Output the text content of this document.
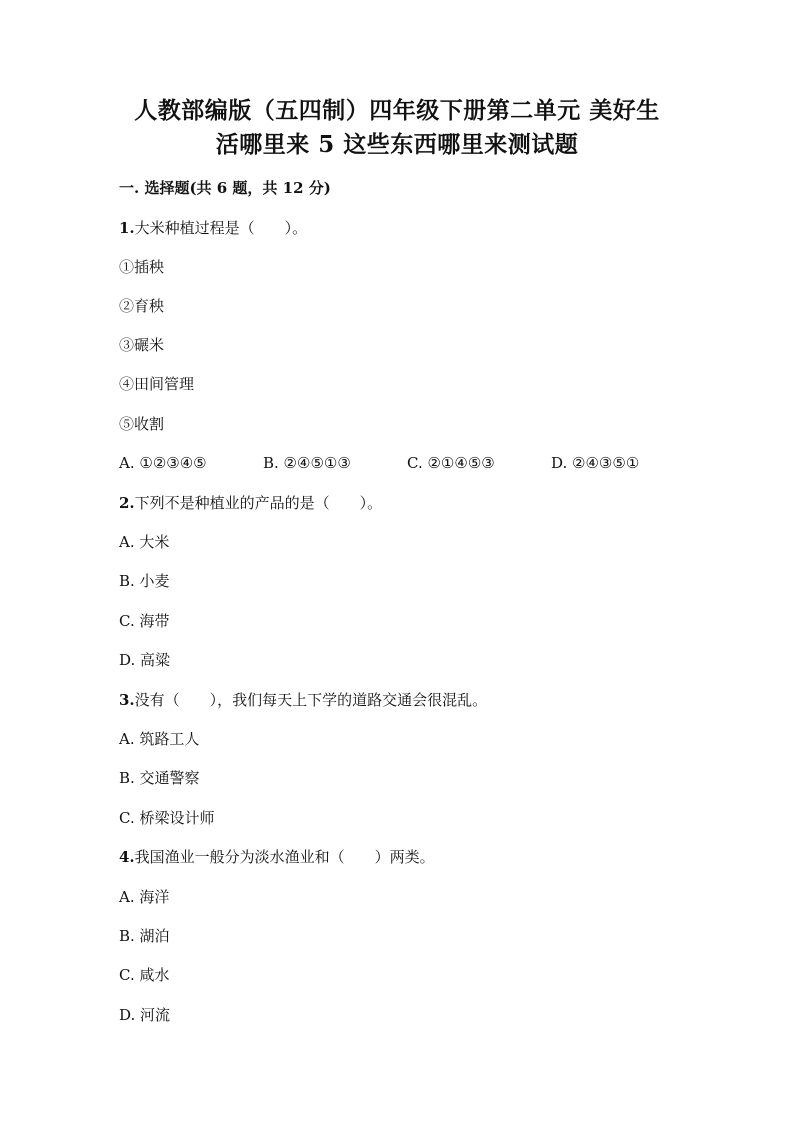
人教部编版（五四制）四年级下册第二单元 美好生
活哪里来 5 这些东西哪里来测试题
一. 选择题(共 6 题，共 12 分)
1.大米种植过程是（　　）。
①插秧
②育秧
③碾米
④田间管理
⑤收割
A. ①②③④⑤	B. ②④⑤①③	C. ②①④⑤③	D. ②④③⑤①
2.下列不是种植业的产品的是（　　）。
A. 大米
B. 小麦
C. 海带
D. 高粱
3.没有（　　），我们每天上下学的道路交通会很混乱。
A. 筑路工人
B. 交通警察
C. 桥梁设计师
4.我国渔业一般分为淡水渔业和（　　）两类。
A. 海洋
B. 湖泊
C. 咸水
D. 河流
